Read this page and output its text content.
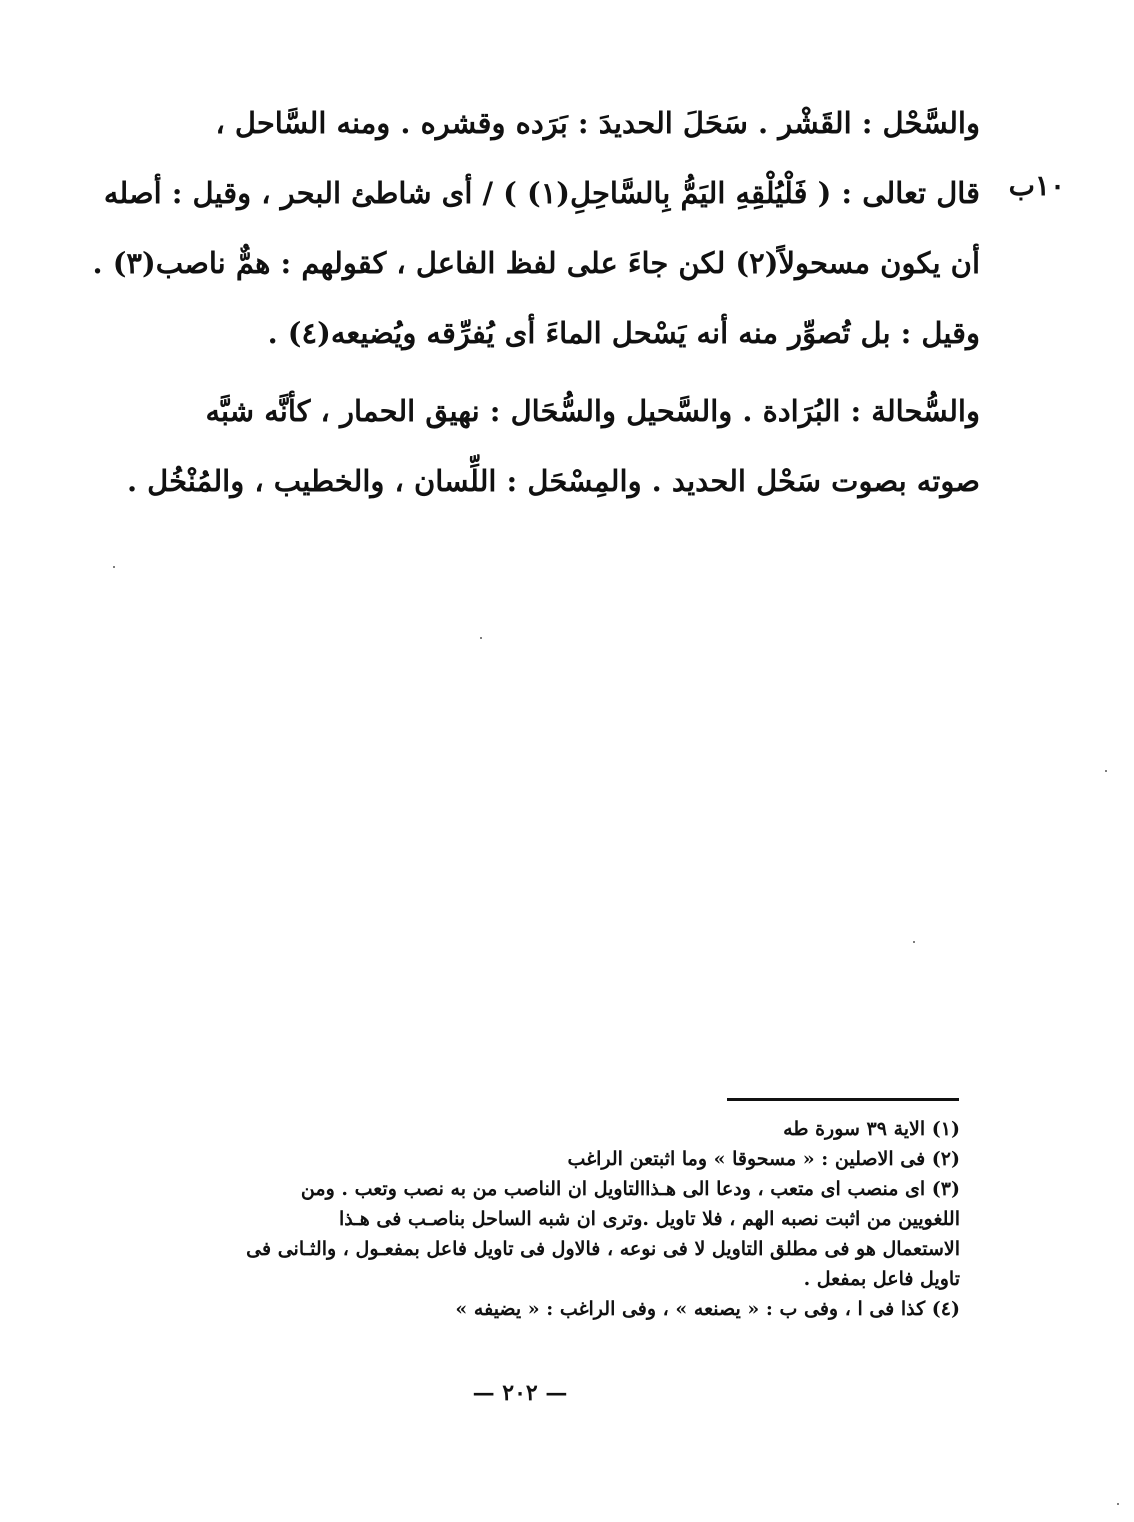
١٠ب
والسَّحْل : القَشْر . سَحَلَ الحديدَ : بَرَده وقشره . ومنه السَّاحل ،
قال تعالى : ( فَلْيُلْقِهِ اليَمُّ بِالسَّاحِلِ(١) ) / أى شاطئ البحر ، وقيل : أصله
أن يكون مسحولاً(٢) لكن جاءَ على لفظ الفاعل ، كقولهم : همٌّ ناصب(٣) .
وقيل : بل تُصوِّر منه أنه يَسْحل الماءَ أى يُفرِّقه ويُضيعه(٤) .
والسُّحالة : البُرَادة . والسَّحيل والسُّحَال : نهيق الحمار ، كأنَّه شبَّه
صوته بصوت سَحْل الحديد . والمِسْحَل : اللِّسان ، والخطيب ، والمُنْخُل .
(١) الاية ٣٩ سورة طه
(٢) فى الاصلين : « مسحوقا » وما اثبتعن الراغب
(٣) اى منصب اى متعب ، ودعا الى هـذاالتاويل ان الناصب من به نصب وتعب . ومن
اللغويين من اثبت نصبه الهم ، فلا تاويل .وترى ان شبه الساحل بناصـب فى هـذا
الاستعمال هو فى مطلق التاويل لا فى نوعه ، فالاول فى تاويل فاعل بمفعـول ، والثـانى فى
تاويل فاعل بمفعل .
(٤) كذا فى ا ، وفى ب : « يصنعه » ، وفى الراغب : « يضيفه »
— ٢٠٢ —
